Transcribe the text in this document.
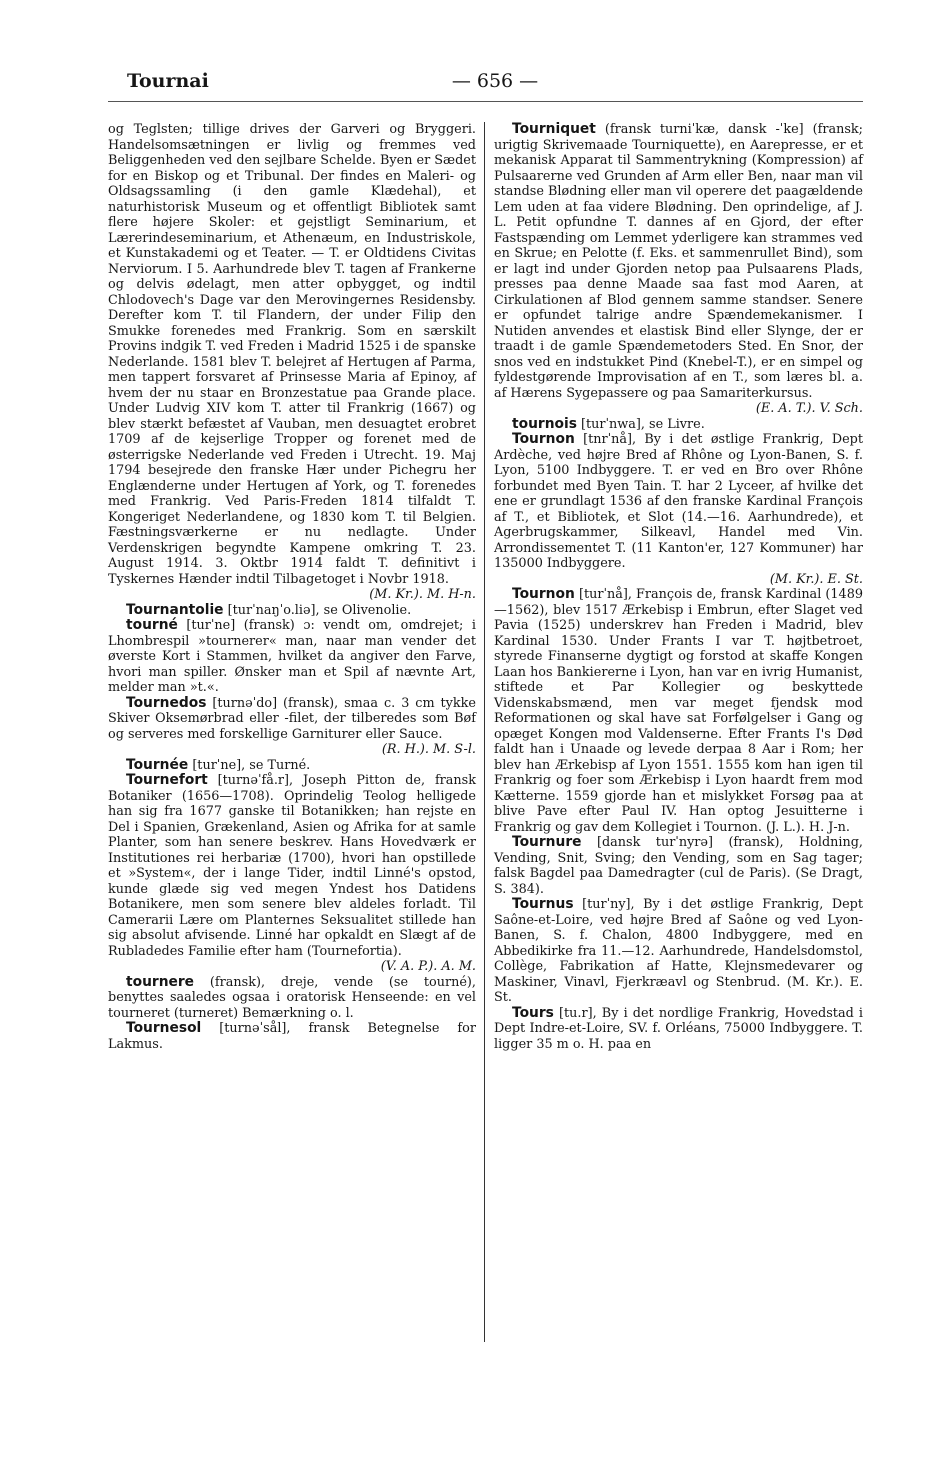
Tournai	— 656 —

og Teglsten; tillige drives der Garveri og Bryggeri. Handelsomsætningen er livlig og fremmes ved Beliggenheden ved den sejlbare Schelde. Byen er Sædet for en Biskop og et Tribunal. Der findes en Maleri- og Oldsagssamling (i den gamle Klædehal), et naturhistorisk Museum og et offentligt Bibliotek samt flere højere Skoler: et gejstligt Seminarium, et Lærerindeseminarium, et Athenæum, en Industriskole, et Kunstakademi og et Teater. — T. er Oldtidens Civitas Nerviorum. I 5. Aarhundrede blev T. tagen af Frankerne og delvis ødelagt, men atter opbygget, og indtil Chlodovech's Dage var den Merovingernes Residensby. Derefter kom T. til Flandern, der under Filip den Smukke forenedes med Frankrig. Som en særskilt Provins indgik T. ved Freden i Madrid 1525 i de spanske Nederlande. 1581 blev T. belejret af Hertugen af Parma, men tappert forsvaret af Prinsesse Maria af Epinoy, af hvem der nu staar en Bronzestatue paa Grande place. Under Ludvig XIV kom T. atter til Frankrig (1667) og blev stærkt befæstet af Vauban, men desuagtet erobret 1709 af de kejserlige Tropper og forenet med de østerrigske Nederlande ved Freden i Utrecht. 19. Maj 1794 besejrede den franske Hær under Pichegru her Englænderne under Hertugen af York, og T. forenedes med Frankrig. Ved Paris-Freden 1814 tilfaldt T. Kongeriget Nederlandene, og 1830 kom T. til Belgien. Fæstningsværkerne er nu nedlagte. Under Verdenskrigen begyndte Kampene omkring T. 23. August 1914. 3. Oktbr 1914 faldt T. definitivt i Tyskernes Hænder indtil Tilbagetoget i Novbr 1918.
(M. Kr.). M. H-n.

Tournantolie [turˈnaŋˈo.liə], se Olivenolie.

tourné [turˈne] (fransk) ɔ: vendt om, omdrejet; i Lhombrespil »tournerer« man, naar man vender det øverste Kort i Stammen, hvilket da angiver den Farve, hvori man spiller. Ønsker man et Spil af nævnte Art, melder man »t.«.

Tournedos [turnəˈdo] (fransk), smaa c. 3 cm tykke Skiver Oksemørbrad eller -filet, der tilberedes som Bøf og serveres med forskellige Garniturer eller Sauce.
(R. H.). M. S-l.

Tournée [turˈne], se Turné.

Tournefort [turnəˈfå.r], Joseph Pitton de, fransk Botaniker (1656—1708). Oprindelig Teolog helligede han sig fra 1677 ganske til Botanikken; han rejste en Del i Spanien, Grækenland, Asien og Afrika for at samle Planter, som han senere beskrev. Hans Hovedværk er Institutiones rei herbariæ (1700), hvori han opstillede et »System«, der i lange Tider, indtil Linné's opstod, kunde glæde sig ved megen Yndest hos Datidens Botanikere, men som senere blev aldeles forladt. Til Camerarii Lære om Planternes Seksualitet stillede han sig absolut afvisende. Linné har opkaldt en Slægt af de Rubladedes Familie efter ham (Tournefortia).
(V. A. P.). A. M.

tournere (fransk), dreje, vende (se tourné), benyttes saaledes ogsaa i oratorisk Henseende: en vel tourneret (turneret) Bemærkning o. l.

Tournesol [turnəˈsål], fransk Betegnelse for Lakmus.

Tourniquet (fransk turniˈkæ, dansk -ˈke] (fransk; urigtig Skrivemaade Tourniquette), en Aarepresse, er et mekanisk Apparat til Sammentrykning (Kompression) af Pulsaarerne ved Grunden af Arm eller Ben, naar man vil standse Blødning eller man vil operere det paagældende Lem uden at faa videre Blødning. Den oprindelige, af J. L. Petit opfundne T. dannes af en Gjord, der efter Fastspænding om Lemmet yderligere kan strammes ved en Skrue; en Pelotte (f. Eks. et sammenrullet Bind), som er lagt ind under Gjorden netop paa Pulsaarens Plads, presses paa denne Maade saa fast mod Aaren, at Cirkulationen af Blod gennem samme standser. Senere er opfundet talrige andre Spændemekanismer. I Nutiden anvendes et elastisk Bind eller Slynge, der er traadt i de gamle Spændemetoders Sted. En Snor, der snos ved en indstukket Pind (Knebel-T.), er en simpel og fyldestgørende Improvisation af en T., som læres bl. a. af Hærens Sygepassere og paa Samariterkursus.
(E. A. T.). V. Sch.

tournois [turˈnwa], se Livre.

Tournon [tnrˈnå], By i det østlige Frankrig, Dept Ardèche, ved højre Bred af Rhône og Lyon-Banen, S. f. Lyon, 5100 Indbyggere. T. er ved en Bro over Rhône forbundet med Byen Tain. T. har 2 Lyceer, af hvilke det ene er grundlagt 1536 af den franske Kardinal François af T., et Bibliotek, et Slot (14.—16. Aarhundrede), et Agerbrugskammer, Silkeavl, Handel med Vin. Arrondissementet T. (11 Kanton'er, 127 Kommuner) har 135000 Indbyggere.
(M. Kr.). E. St.

Tournon [turˈnå], François de, fransk Kardinal (1489—1562), blev 1517 Ærkebisp i Embrun, efter Slaget ved Pavia (1525) underskrev han Freden i Madrid, blev Kardinal 1530. Under Frants I var T. højtbetroet, styrede Finanserne dygtigt og forstod at skaffe Kongen Laan hos Bankiererne i Lyon, han var en ivrig Humanist, stiftede et Par Kollegier og beskyttede Videnskabsmænd, men var meget fjendsk mod Reformationen og skal have sat Forfølgelser i Gang og opæget Kongen mod Valdenserne. Efter Frants I's Død faldt han i Unaade og levede derpaa 8 Aar i Rom; her blev han Ærkebisp af Lyon 1551. 1555 kom han igen til Frankrig og foer som Ærkebisp i Lyon haardt frem mod Kætterne. 1559 gjorde han et mislykket Forsøg paa at blive Pave efter Paul IV. Han optog Jesuitterne i Frankrig og gav dem Kollegiet i Tournon. (J. L.). H. J-n.

Tournure [dansk turˈnyrə] (fransk), Holdning, Vending, Snit, Sving; den Vending, som en Sag tager; falsk Bagdel paa Damedragter (cul de Paris). (Se Dragt, S. 384).

Tournus [turˈny], By i det østlige Frankrig, Dept Saône-et-Loire, ved højre Bred af Saône og ved Lyon-Banen, S. f. Chalon, 4800 Indbyggere, med en Abbedikirke fra 11.—12. Aarhundrede, Handelsdomstol, Collège, Fabrikation af Hatte, Klejnsmedevarer og Maskiner, Vinavl, Fjerkræavl og Stenbrud. (M. Kr.). E. St.

Tours [tu.r], By i det nordlige Frankrig, Hovedstad i Dept Indre-et-Loire, SV. f. Orléans, 75000 Indbyggere. T. ligger 35 m o. H. paa en
